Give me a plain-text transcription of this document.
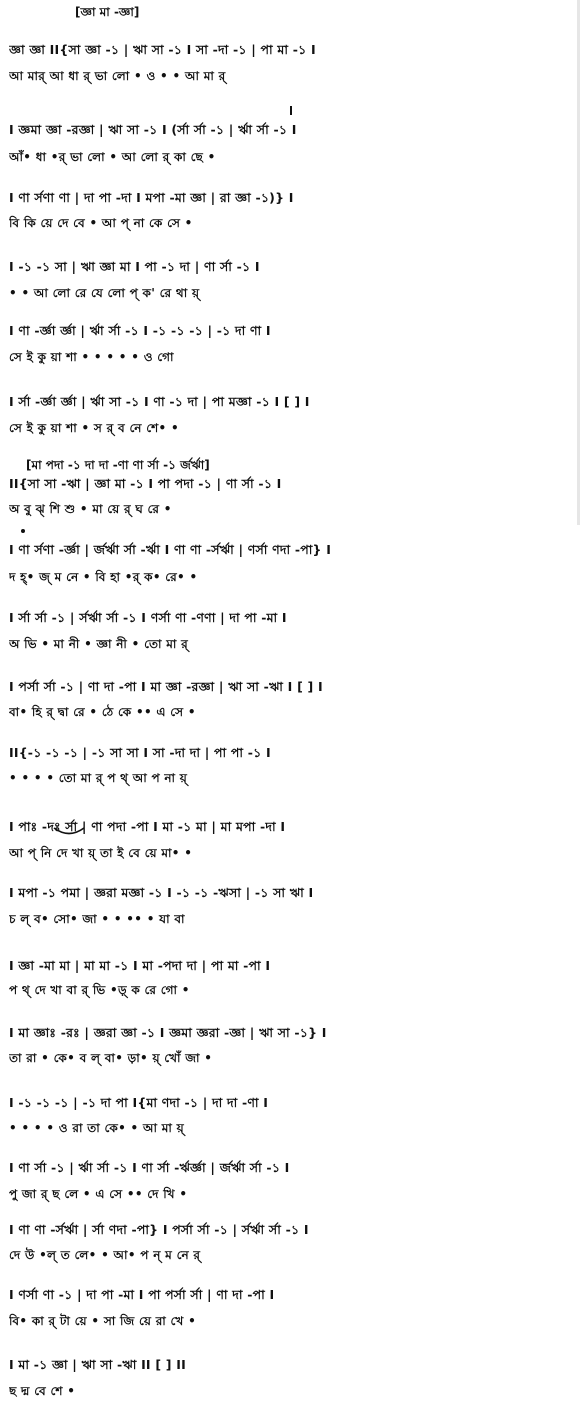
[জ্ঞা মা -জ্ঞা]
জ্ঞা জ্ঞা II{সা জ্ঞা -১ | ঋা সা -১ I সা -দা -১ | পা মা -১ I
আ মার্ আ ধা র্ ভা লো • ও • • আ মা র্
I জ্ঞমা জ্ঞা -রজ্ঞা | ঋা সা -১ I (র্সা র্সা -১ | র্ঋা র্সা -১ I
আঁ• ধা •র্ ভা লো • আ লো র্ কা ছে •
I ণা র্সণা ণা | দা পা -দা I মপা -মা জ্ঞা | রা জ্ঞা -১)} I
বি কি য়ে দে বে • আ প্ না কে সে •
I -১ -১ সা | ঋা জ্ঞা মা I পা -১ দা | ণা র্সা -১ I
• • আ লো রে যে লো প্ ক' রে থা য়্
I ণা -র্জ্ঞা র্জ্ঞা | র্ঋা র্সা -১ I -১ -১ -১ | -১ দা ণা I
সে ই কু য়া শা • • • • • ও গো
I র্সা -র্জ্ঞা র্জ্ঞা | র্ঋা সা -১ I ণা -১ দা | পা মজ্ঞা -১ I [ ] I
সে ই কু য়া শা • স র্ ব নে শে• •
[মা পদা -১ দা দা -ণা ণা র্সা -১ র্জর্ঋা]
II{সা সা -ঋা | জ্ঞা মা -১ I পা পদা -১ | ণা র্সা -১ I
অ বু ঝ্ শি শু • মা য়ে র্ ঘ রে •
I ণা র্সণা -র্জ্ঞা | র্জর্ঋা র্সা -র্ঋা I ণা ণা -র্সর্ঋা | ণর্সা ণদা -পা} I
দ হ্• জ্ ম নে • বি হা •র্ ক• রে• •
I র্সা র্সা -১ | র্সর্ঋা র্সা -১ I ণর্সা ণা -ণণা | দা পা -মা I
অ ভি • মা নী • জ্ঞা নী • তো মা র্
I পর্সা র্সা -১ | ণা দা -পা I মা জ্ঞা -রজ্ঞা | ঋা সা -ঋা I [ ] I
বা• হি র্ দ্বা রে • ঠে কে •• এ সে •
II{-১ -১ -১ | -১ সা সা I সা -দা দা | পা পা -১ I
• • • • তো মা র্ প থ্ আ প না য়্
I পাঃ -দঃ র্সা | ণা পদা -পা I মা -১ মা | মা মপা -দা I
আ প্ নি দে খা য়্ তা ই বে য়ে মা• •
I মপা -১ পমা | জ্ঞরা মজ্ঞা -১ I -১ -১ -ঋসা | -১ সা ঋা I
চ ল্ ব• সো• জা • • •• • যা বা
I জ্ঞা -মা মা | মা মা -১ I মা -পদা দা | পা মা -পা I
প থ্ দে খা বা র্ ভি •ড়্ ক রে গো •
I মা জ্ঞাঃ -রঃ | জ্ঞরা জ্ঞা -১ I জ্ঞমা জ্ঞরা -জ্ঞা | ঋা সা -১} I
তা রা • কে• ব ল্ বা• ড়া• য়্ খোঁ জা •
I -১ -১ -১ | -১ দা পা I{মা ণদা -১ | দা দা -ণা I
• • • • ও রা তা কে• • আ মা য়্
I ণা র্সা -১ | র্ঋা র্সা -১ I ণা র্সা -র্ঋর্জ্ঞা | র্জর্ঋা র্সা -১ I
পু জা র্ ছ লে • এ সে •• দে খি •
I ণা ণা -র্সর্ঋা | র্সা ণদা -পা} I পর্সা র্সা -১ | র্সর্ঋা র্সা -১ I
দে উ •ল্ ত লে• • আ• প ন্ ম নে র্
I ণর্সা ণা -১ | দা পা -মা I পা পর্সা র্সা | ণা দা -পা I
বি• কা র্ টা য়ে • সা জি য়ে রা খে •
I মা -১ জ্ঞা | ঋা সা -ঋা II [ ] II
ছ দ্ম বে শে •
